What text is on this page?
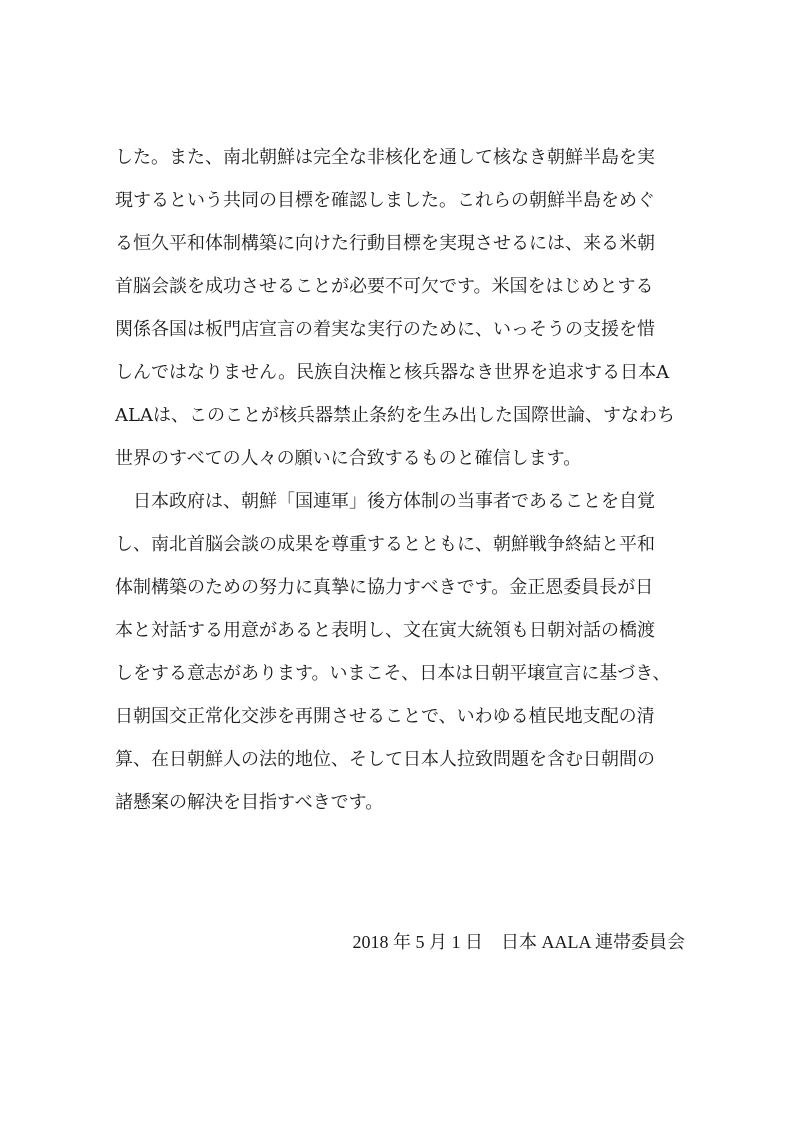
した。また、南北朝鮮は完全な非核化を通して核なき朝鮮半島を実
現するという共同の目標を確認しました。これらの朝鮮半島をめぐ
る恒久平和体制構築に向けた行動目標を実現させるには、来る米朝
首脳会談を成功させることが必要不可欠です。米国をはじめとする
関係各国は板門店宣言の着実な実行のために、いっそうの支援を惜
しんではなりません。民族自決権と核兵器なき世界を追求する日本A
ALAは、このことが核兵器禁止条約を生み出した国際世論、すなわち
世界のすべての人々の願いに合致するものと確信します。
　日本政府は、朝鮮「国連軍」後方体制の当事者であることを自覚
し、南北首脳会談の成果を尊重するとともに、朝鮮戦争終結と平和
体制構築のための努力に真摯に協力すべきです。金正恩委員長が日
本と対話する用意があると表明し、文在寅大統領も日朝対話の橋渡
しをする意志があります。いまこそ、日本は日朝平壌宣言に基づき、
日朝国交正常化交渉を再開させることで、いわゆる植民地支配の清
算、在日朝鮮人の法的地位、そして日本人拉致問題を含む日朝間の
諸懸案の解決を目指すべきです。
2018 年 5 月 1 日　日本 AALA 連帯委員会
